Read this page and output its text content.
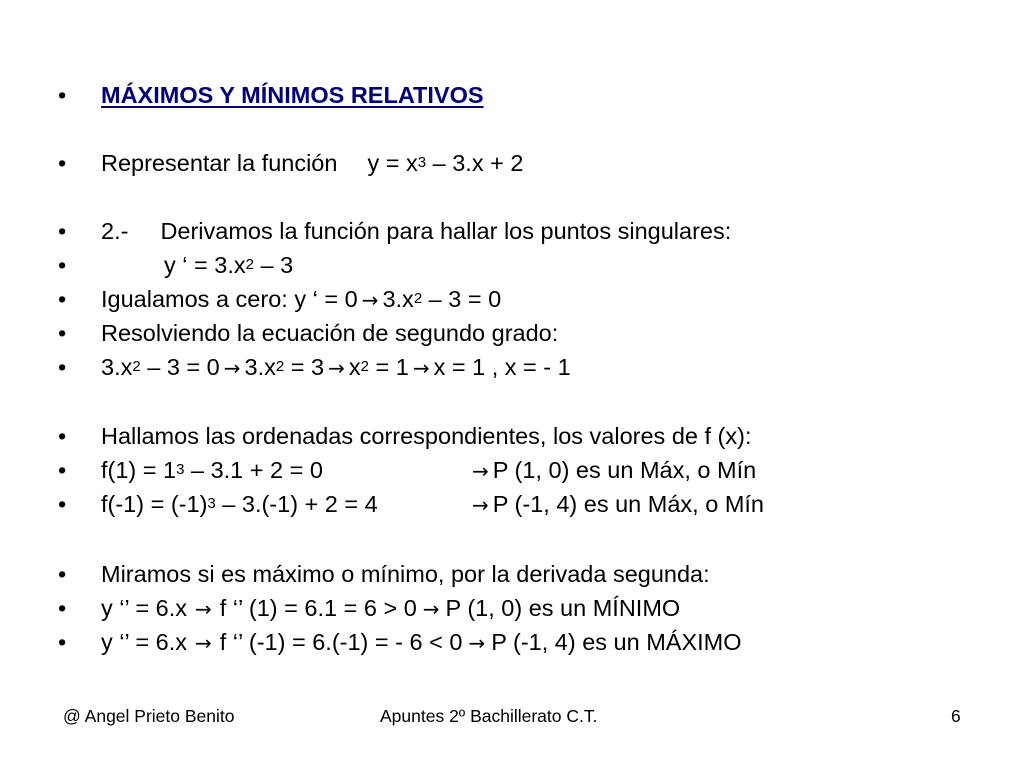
• MÁXIMOS Y MÍNIMOS RELATIVOS
• Representar la función $y = x^3 - 3.x + 2$
• 2.- Derivamos la función para hallar los puntos singulares:
•	y ‘ = $3.x^2 - 3$
• Igualamos a cero: y ‘ = $0 \to 3.x^2 - 3 = 0$
• Resolviendo la ecuación de segundo grado:
• $3.x^2 - 3 = 0 \to 3.x^2 = 3 \to x^2 = 1 \to x = 1$ , x = - 1
• Hallamos las ordenadas correspondientes, los valores de f (x):
• $f(1) = 1^3 - 3.1 + 2 = 0$	→ P (1, 0) es un Máx, o Mín
• $f(-1) = (-1)^3 - 3.(-1) + 2 = 4$	→ P (-1, 4) es un Máx, o Mín
• Miramos si es máximo o mínimo, por la derivada segunda:
• y ‘’ = 6.x → f ‘’ (1) = 6.1 = 6 > 0 → P (1, 0) es un MÍNIMO
• y ‘’ = 6.x → f ‘’ (-1) = 6.(-1) = - 6 < 0 → P (-1, 4) es un MÁXIMO
@ Angel Prieto Benito	Apuntes 2º Bachillerato C.T.	6
